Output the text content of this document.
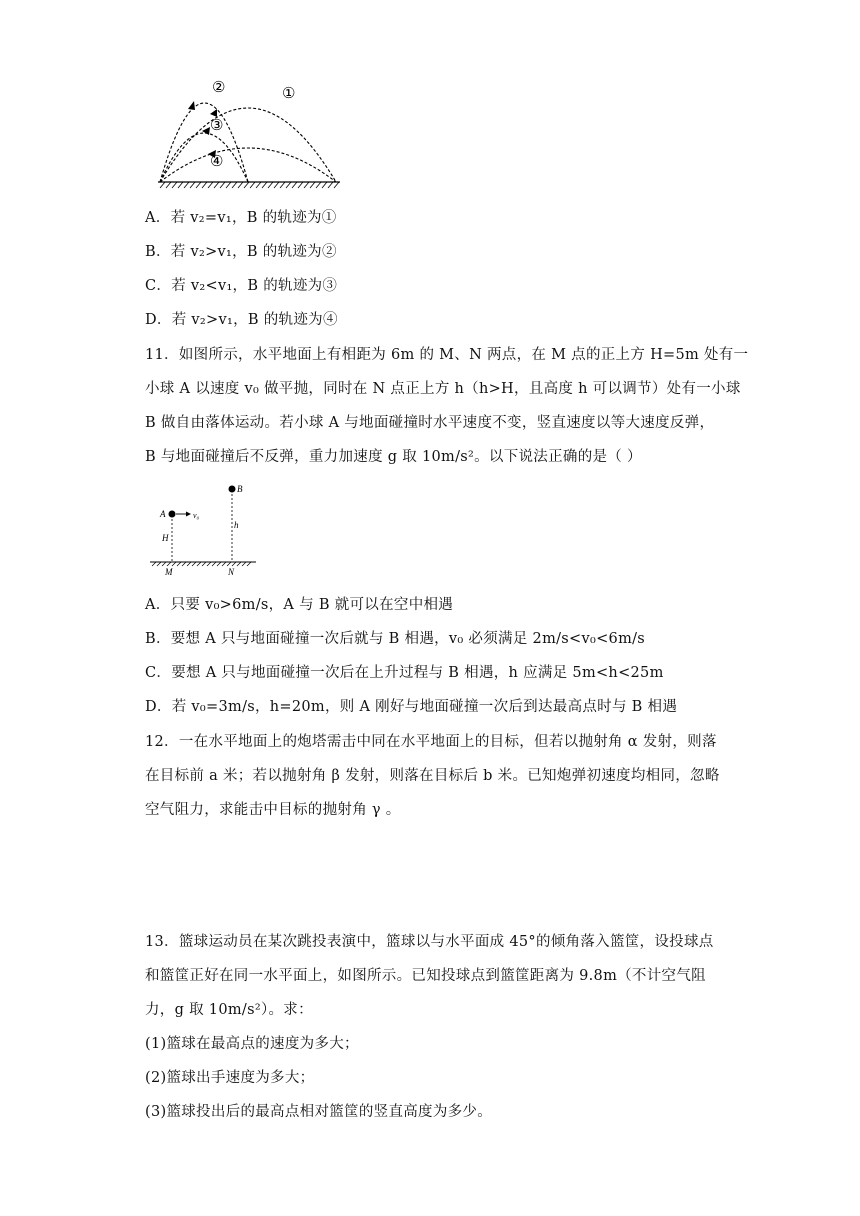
①
②
③
④
A．若 v₂=v₁，B 的轨迹为①
B．若 v₂>v₁，B 的轨迹为②
C．若 v₂<v₁，B 的轨迹为③
D．若 v₂>v₁，B 的轨迹为④
11．如图所示，水平地面上有相距为 6m 的 M、N 两点，在 M 点的正上方 H=5m 处有一
小球 A 以速度 v₀ 做平抛，同时在 N 点正上方 h（h>H，且高度 h 可以调节）处有一小球
B 做自由落体运动。若小球 A 与地面碰撞时水平速度不变，竖直速度以等大速度反弹，
B 与地面碰撞后不反弹，重力加速度 g 取 10m/s²。以下说法正确的是（ ）
A
B
v₀
H
h
M	N
A．只要 v₀>6m/s，A 与 B 就可以在空中相遇
B．要想 A 只与地面碰撞一次后就与 B 相遇，v₀ 必须满足 2m/s<v₀<6m/s
C．要想 A 只与地面碰撞一次后在上升过程与 B 相遇，h 应满足 5m<h<25m
D．若 v₀=3m/s，h=20m，则 A 刚好与地面碰撞一次后到达最高点时与 B 相遇
12．一在水平地面上的炮塔需击中同在水平地面上的目标，但若以抛射角 α 发射，则落
在目标前 a 米；若以抛射角 β 发射，则落在目标后 b 米。已知炮弹初速度均相同，忽略
空气阻力，求能击中目标的抛射角 γ 。
13．篮球运动员在某次跳投表演中，篮球以与水平面成 45°的倾角落入篮筐，设投球点
和篮筐正好在同一水平面上，如图所示。已知投球点到篮筐距离为 9.8m（不计空气阻
力，g 取 10m/s²）。求：
(1)篮球在最高点的速度为多大；
(2)篮球出手速度为多大；
(3)篮球投出后的最高点相对篮筐的竖直高度为多少。
